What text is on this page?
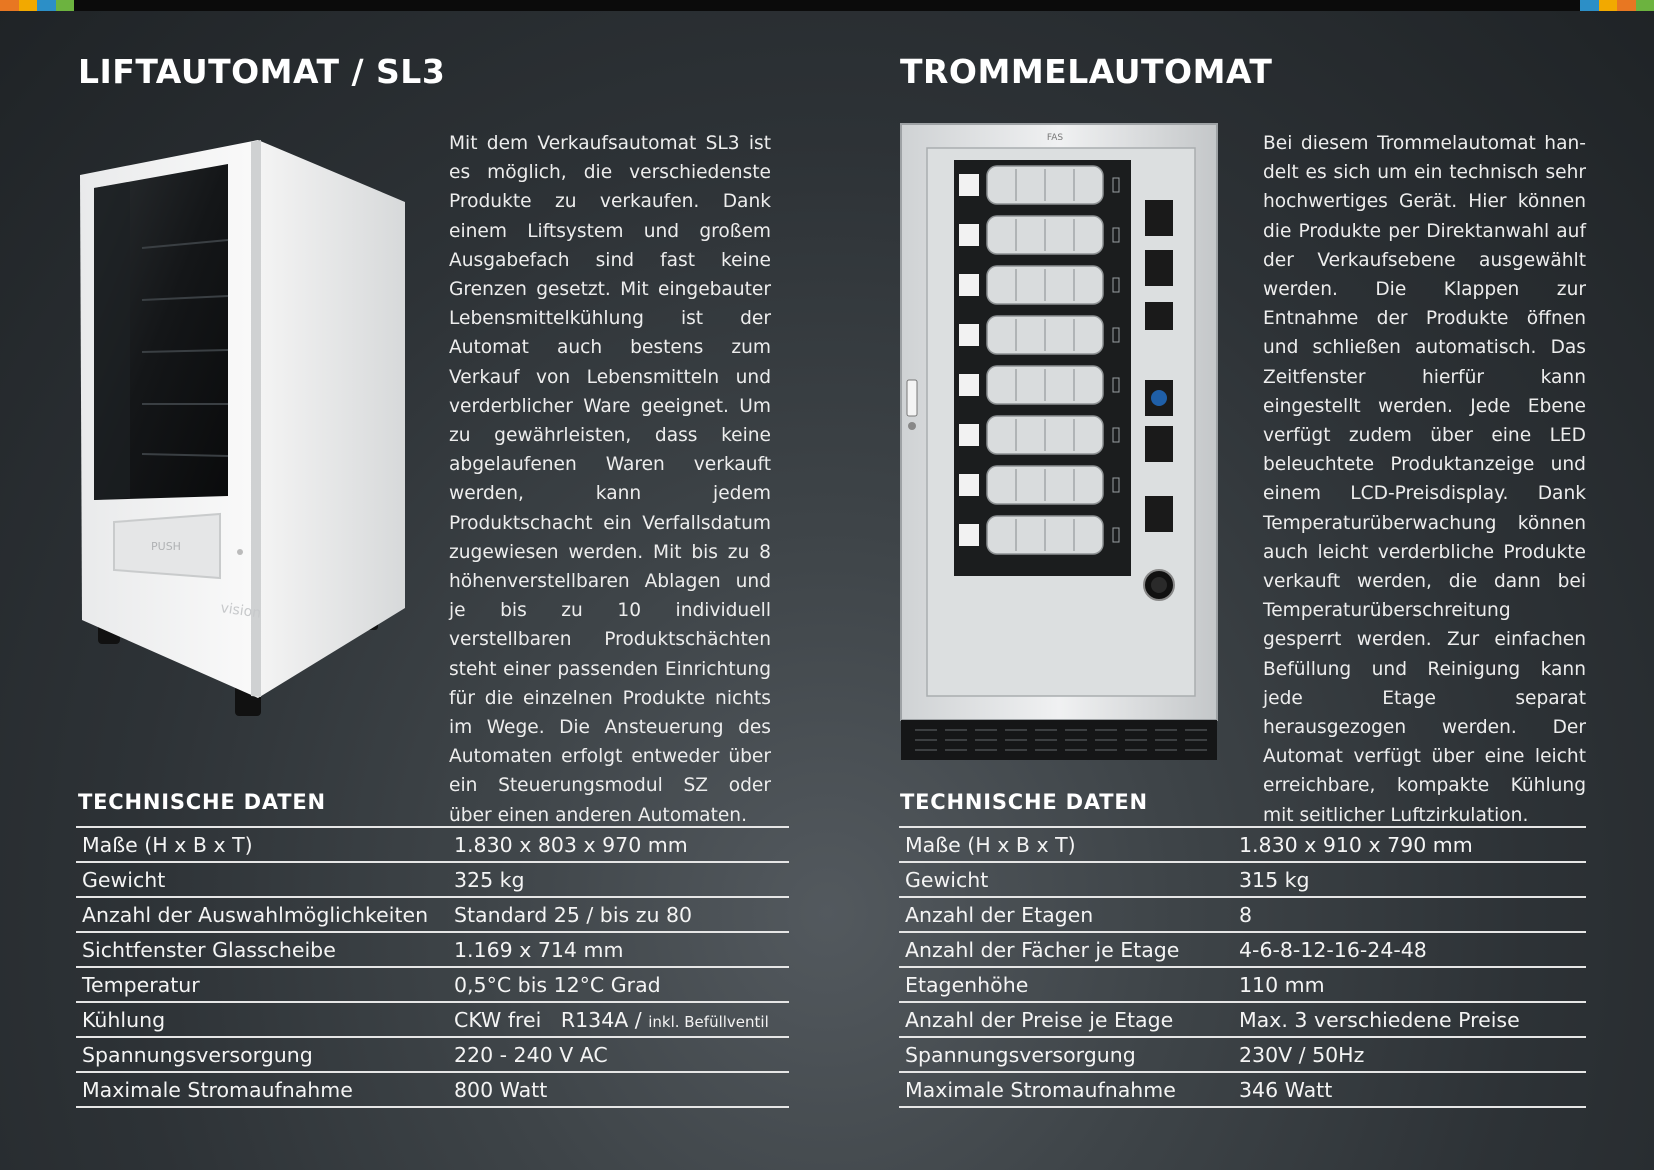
LIFTAUTOMAT / SL3
PUSH
vision

Mit dem Verkaufsautomat SL3 ist es möglich, die verschiedenste Produkte zu verkaufen. Dank einem Liftsystem und großem Ausgabefach sind fast keine Grenzen gesetzt. Mit eingebauter Lebensmittelkühlung ist der Automat auch bestens zum Verkauf von Lebensmitteln und verderblicher Ware geeignet. Um zu gewährleisten, dass keine abgelaufenen Waren verkauft werden, kann jedem Produktschacht ein Verfallsdatum zugewiesen werden. Mit bis zu 8 höhenverstellbaren Ablagen und je bis zu 10 individuell verstellbaren Produktschächten steht einer passenden Einrichtung für die einzelnen Produkte nichts im Wege. Die Ansteuerung des Automaten erfolgt entweder über ein Steuerungsmodul SZ oder über einen anderen Automaten.

TECHNISCHE DATEN
Maße (H x B x T)	1.830 x 803 x 970 mm
Gewicht	325 kg
Anzahl der Auswahlmöglichkeiten	Standard 25 / bis zu 80
Sichtfenster Glasscheibe	1.169 x 714 mm
Temperatur	0,5°C bis 12°C Grad
Kühlung	CKW frei   R134A / inkl. Befüllventil
Spannungsversorgung	220 - 240 V AC
Maximale Stromaufnahme	800 Watt
TROMMELAUTOMAT
FAS	Bei diesem Trommelautomat handelt es sich um ein technisch sehr hochwertiges Gerät. Hier können die Produkte per Direktanwahl auf der Verkaufsebene ausgewählt werden. Die Klappen zur Entnahme der Produkte öffnen und schließen automatisch. Das Zeitfenster hierfür kann eingestellt werden. Jede Ebene verfügt zudem über eine LED beleuchtete Produktanzeige und einem LCD-Preisdisplay. Dank Temperaturüberwachung können auch leicht verderbliche Produkte verkauft werden, die dann bei Temperaturüberschreitung gesperrt werden. Zur einfachen Befüllung und Reinigung kann jede Etage separat herausgezogen werden. Der Automat verfügt über eine leicht erreichbare, kompakte Kühlung mit seitlicher Luftzirkulation.

TECHNISCHE DATEN
Maße (H x B x T)	1.830 x 910 x 790 mm
Gewicht	315 kg
Anzahl der Etagen	8
Anzahl der Fächer je Etage	4-6-8-12-16-24-48
Etagenhöhe	110 mm
Anzahl der Preise je Etage	Max. 3 verschiedene Preise
Spannungsversorgung	230V / 50Hz
Maximale Stromaufnahme	346 Watt
